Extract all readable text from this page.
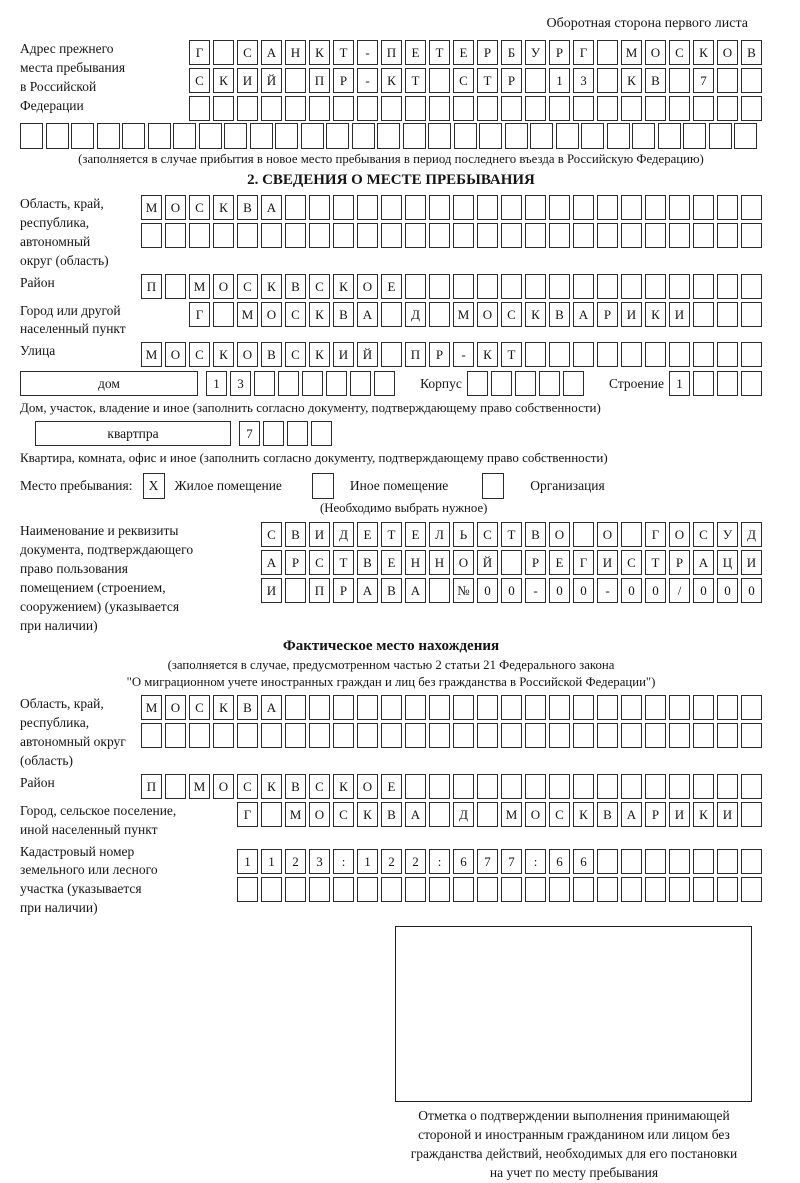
Оборотная сторона первого листа
Адрес прежнего
места пребывания
в Российской
Федерации
Г	С	А	Н	К	Т	-	П	Е	Т	Е	Р	Б	У	Р	Г	М	О	С	К	О	В
С	К	И	Й	П	Р	-	К	Т	С	Т	Р	1	3	К	В	7
(заполняется в случае прибытия в новое место пребывания в период последнего въезда в Российскую Федерацию)
2. СВЕДЕНИЯ О МЕСТЕ ПРЕБЫВАНИЯ
Область, край,
республика,
автономный
округ (область)
М	О	С	К	В	А
Район	П	М	О	С	К	В	С	К	О	Е
Город или другой
населенный пункт
Г	М	О	С	К	В	А	Д	М	О	С	К	В	А	Р	И	К	И
Улица	М	О	С	К	О	В	С	К	И	Й	П	Р	-	К	Т
дом	1	3	Корпус	Строение 1
Дом, участок, владение и иное (заполнить согласно документу, подтверждающему право собственности)
квартпра	7
Квартира, комната, офис и иное (заполнить согласно документу, подтверждающему право собственности)
Место пребывания:	X	Жилое помещение	Иное помещение	Организация
(Необходимо выбрать нужное)
Наименование и реквизиты
документа, подтверждающего
право пользования
помещением (строением,
сооружением) (указывается
при наличии)
С	В	И	Д	Е	Т	Е	Л	Ь	С	Т	В	О	О	Г	О	С	У	Д
А	Р	С	Т	В	Е	Н	Н	О	Й	Р	Е	Г	И	С	Т	Р	А	Ц	И
И	П	Р	А	В	А	№	0	0	-	0	0	-	0	0	/	0	0	0
Фактическое место нахождения
(заполняется в случае, предусмотренном частью 2 статьи 21 Федерального закона
"О миграционном учете иностранных граждан и лиц без гражданства в Российской Федерации")
Область, край,
республика,
автономный округ
(область)
М	О	С	К	В	А
Район	П	М	О	С	К	В	С	К	О	Е
Город, сельское поселение,
иной населенный пункт
Г	М	О	С	К	В	А	Д	М	О	С	К	В	А	Р	И	К	И
Кадастровый номер
земельного или лесного
участка (указывается
при наличии)
1	1	2	3	:	1	2	2	:	6	7	7	:	6	6
Отметка о подтверждении выполнения принимающей
стороной и иностранным гражданином или лицом без
гражданства действий, необходимых для его постановки
на учет по месту пребывания
